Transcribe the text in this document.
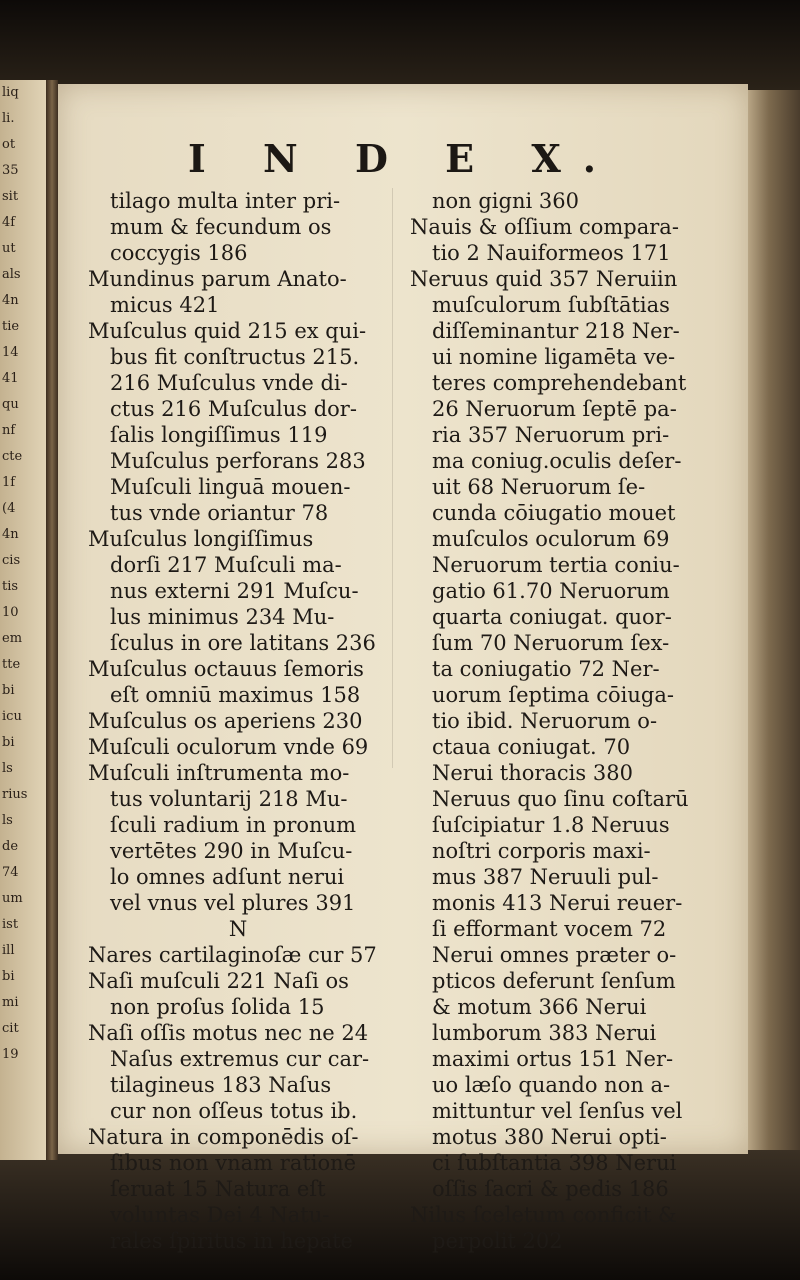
liq
li.
ot
35
sit
4f
ut
als
4n
tie
14
41
qu
nf
cte
1f
(4
4n
cis
tis
10
em
tte
bi
icu
bi
ls
rius
ls
de
74
um
ist
ill
bi
mi
cit
19
I N D E X.
tilago multa inter pri-
mum & fecundum os
coccygis 186
Mundinus parum Anato-
micus 421
Muſculus quid 215 ex qui-
bus fit conſtructus 215.
216 Muſculus vnde di-
ctus 216 Muſculus dor-
ſalis longiſſimus 119
Muſculus perforans 283
Muſculi linguā mouen-
tus vnde oriantur 78
Muſculus longiſſimus
dorſi 217 Muſculi ma-
nus externi 291 Muſcu-
lus minimus 234 Mu-
ſculus in ore latitans 236
Muſculus octauus ſemoris
eſt omniū maximus 158
Muſculus os aperiens 230
Muſculi oculorum vnde 69
Muſculi inſtrumenta mo-
tus voluntarij 218 Mu-
ſculi radium in pronum
vertētes 290 in Muſcu-
lo omnes adſunt nerui
vel vnus vel plures 391
N
Nares cartilaginoſæ cur 57
Naſi muſculi 221 Naſi os
non proſus ſolida 15
Naſi oſſis motus nec ne 24
Naſus extremus cur car-
tilagineus 183 Naſus
cur non oſſeus totus ib.
Natura in componēdis oſ-
ſibus non vnam rationē
ſeruat 15 Natura eſt
voluntas Dei 4 Natu-
rales ſpiritus in hepate
non gigni 360
Nauis & oſſium compara-
tio 2 Nauiformeos 171
Neruus quid 357 Neruiin
muſculorum ſubſtātias
diſſeminantur 218 Ner-
ui nomine ligamēta ve-
teres comprehendebant
26 Neruorum ſeptē pa-
ria 357 Neruorum pri-
ma coniug.oculis deſer-
uit 68 Neruorum ſe-
cunda cōiugatio mouet
muſculos oculorum 69
Neruorum tertia coniu-
gatio 61.70 Neruorum
quarta coniugat. quor-
ſum 70 Neruorum ſex-
ta coniugatio 72 Ner-
uorum ſeptima cōiuga-
tio ibid. Neruorum o-
ctaua coniugat. 70
Nerui thoracis 380
Neruus quo ſinu coſtarū
ſuſcipiatur 1.8 Neruus
noſtri corporis maxi-
mus 387 Neruuli pul-
monis 413 Nerui reuer-
ſi efformant vocem 72
Nerui omnes præter o-
pticos deferunt ſenſum
& motum 366 Nerui
lumborum 383 Nerui
maximi ortus 151 Ner-
uo læſo quando non a-
mittuntur vel ſenſus vel
motus 380 Nerui opti-
ci ſubſtantia 398 Nerui
oſſis ſacri & pedis 186
Nilus ſceletum conficit &
perpolit 202
